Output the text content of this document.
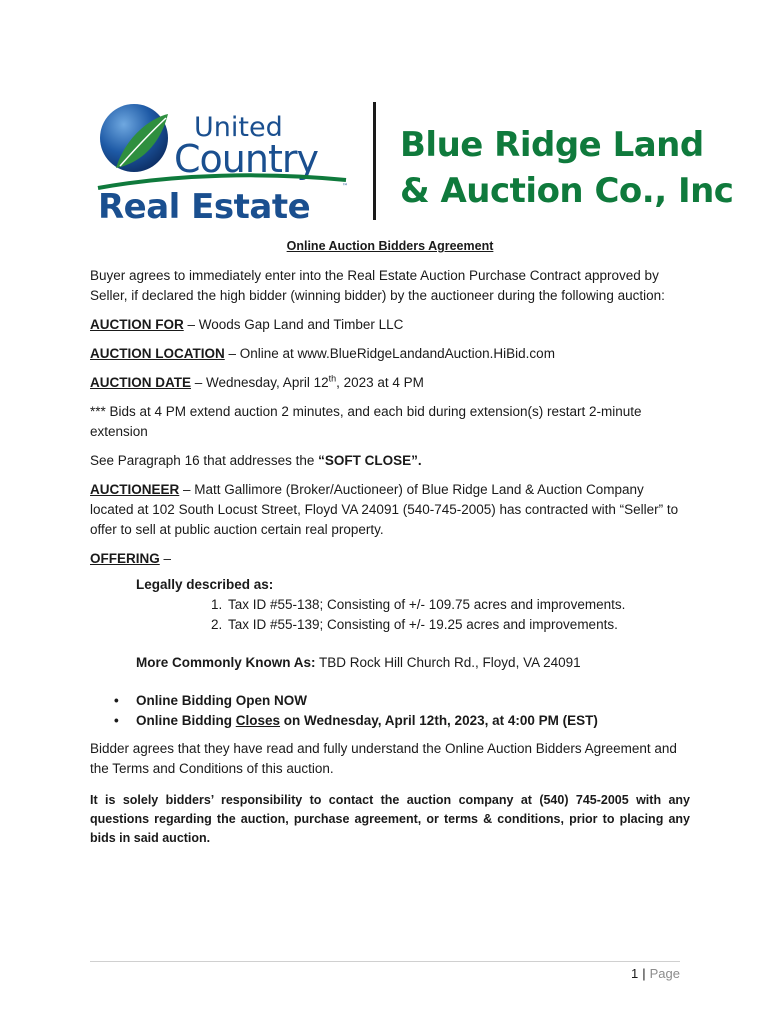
United
Country
Real Estate
™
Blue Ridge Land
& Auction Co., Inc
Online Auction Bidders Agreement

Buyer agrees to immediately enter into the Real Estate Auction Purchase Contract approved by Seller, if declared the high bidder (winning bidder) by the auctioneer during the following auction:

AUCTION FOR – Woods Gap Land and Timber LLC

AUCTION LOCATION – Online at www.BlueRidgeLandandAuction.HiBid.com

AUCTION DATE – Wednesday, April 12th, 2023 at 4 PM

*** Bids at 4 PM extend auction 2 minutes, and each bid during extension(s) restart 2-minute extension

See Paragraph 16 that addresses the “SOFT CLOSE”.

AUCTIONEER – Matt Gallimore (Broker/Auctioneer) of Blue Ridge Land & Auction Company located at 102 South Locust Street, Floyd VA 24091 (540-745-2005) has contracted with “Seller” to offer to sell at public auction certain real property.

OFFERING –

Legally described as:
1. Tax ID #55-138; Consisting of +/- 109.75 acres and improvements.
2. Tax ID #55-139; Consisting of +/- 19.25 acres and improvements.

More Commonly Known As: TBD Rock Hill Church Rd., Floyd, VA 24091

• Online Bidding Open NOW
• Online Bidding Closes on Wednesday, April 12th, 2023, at 4:00 PM (EST)

Bidder agrees that they have read and fully understand the Online Auction Bidders Agreement and the Terms and Conditions of this auction.

It is solely bidders’ responsibility to contact the auction company at (540) 745-2005 with any questions regarding the auction, purchase agreement, or terms & conditions, prior to placing any bids in said auction.

1 | Page
